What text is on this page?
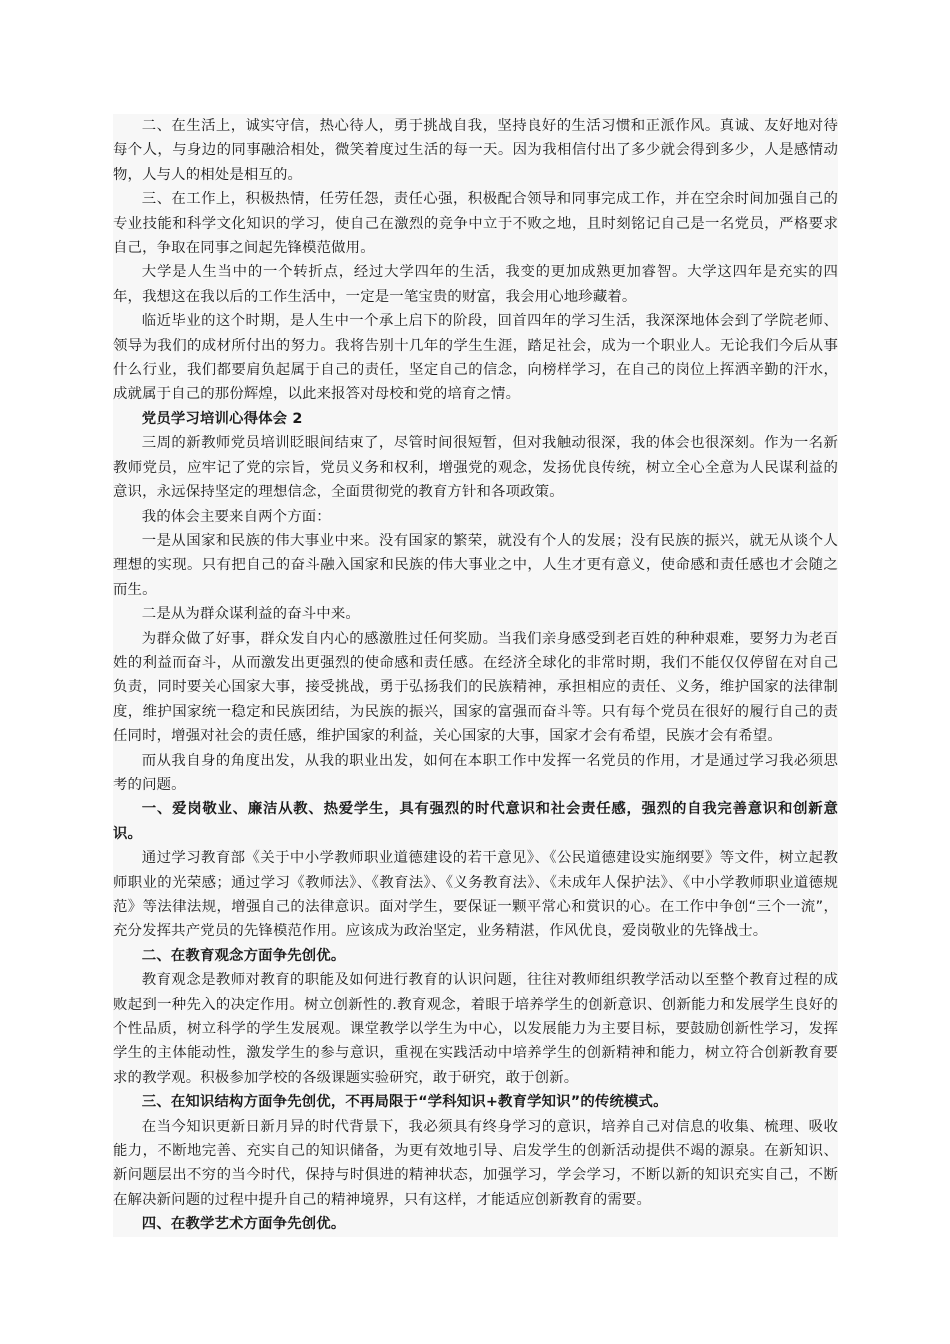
二、在生活上，诚实守信，热心待人，勇于挑战自我，坚持良好的生活习惯和正派作风。真诚、友好地对待每个人，与身边的同事融洽相处，微笑着度过生活的每一天。因为我相信付出了多少就会得到多少，人是感情动物，人与人的相处是相互的。

三、在工作上，积极热情，任劳任怨，责任心强，积极配合领导和同事完成工作，并在空余时间加强自己的专业技能和科学文化知识的学习，使自己在激烈的竞争中立于不败之地，且时刻铭记自己是一名党员，严格要求自己，争取在同事之间起先锋模范做用。

大学是人生当中的一个转折点，经过大学四年的生活，我变的更加成熟更加睿智。大学这四年是充实的四年，我想这在我以后的工作生活中，一定是一笔宝贵的财富，我会用心地珍藏着。

临近毕业的这个时期，是人生中一个承上启下的阶段，回首四年的学习生活，我深深地体会到了学院老师、领导为我们的成材所付出的努力。我将告别十几年的学生生涯，踏足社会，成为一个职业人。无论我们今后从事什么行业，我们都要肩负起属于自己的责任，坚定自己的信念，向榜样学习，在自己的岗位上挥洒辛勤的汗水，成就属于自己的那份辉煌，以此来报答对母校和党的培育之情。

党员学习培训心得体会 2

三周的新教师党员培训眨眼间结束了，尽管时间很短暂，但对我触动很深，我的体会也很深刻。作为一名新教师党员，应牢记了党的宗旨，党员义务和权利，增强党的观念，发扬优良传统，树立全心全意为人民谋利益的意识，永远保持坚定的理想信念，全面贯彻党的教育方针和各项政策。

我的体会主要来自两个方面：

一是从国家和民族的伟大事业中来。没有国家的繁荣，就没有个人的发展；没有民族的振兴，就无从谈个人理想的实现。只有把自己的奋斗融入国家和民族的伟大事业之中，人生才更有意义，使命感和责任感也才会随之而生。

二是从为群众谋利益的奋斗中来。

为群众做了好事，群众发自内心的感激胜过任何奖励。当我们亲身感受到老百姓的种种艰难，要努力为老百姓的利益而奋斗，从而激发出更强烈的使命感和责任感。在经济全球化的非常时期，我们不能仅仅停留在对自己负责，同时要关心国家大事，接受挑战，勇于弘扬我们的民族精神，承担相应的责任、义务，维护国家的法律制度，维护国家统一稳定和民族团结，为民族的振兴，国家的富强而奋斗等。只有每个党员在很好的履行自己的责任同时，增强对社会的责任感，维护国家的利益，关心国家的大事，国家才会有希望，民族才会有希望。

而从我自身的角度出发，从我的职业出发，如何在本职工作中发挥一名党员的作用，才是通过学习我必须思考的问题。

一、爱岗敬业、廉洁从教、热爱学生，具有强烈的时代意识和社会责任感，强烈的自我完善意识和创新意识。

通过学习教育部《关于中小学教师职业道德建设的若干意见》、《公民道德建设实施纲要》等文件，树立起教师职业的光荣感；通过学习《教师法》、《教育法》、《义务教育法》、《未成年人保护法》、《中小学教师职业道德规范》等法律法规，增强自己的法律意识。面对学生，要保证一颗平常心和赏识的心。在工作中争创“三个一流”，充分发挥共产党员的先锋模范作用。应该成为政治坚定，业务精湛，作风优良，爱岗敬业的先锋战士。

二、在教育观念方面争先创优。

教育观念是教师对教育的职能及如何进行教育的认识问题，往往对教师组织教学活动以至整个教育过程的成败起到一种先入的决定作用。树立创新性的.教育观念，着眼于培养学生的创新意识、创新能力和发展学生良好的个性品质，树立科学的学生发展观。课堂教学以学生为中心，以发展能力为主要目标，要鼓励创新性学习，发挥学生的主体能动性，激发学生的参与意识，重视在实践活动中培养学生的创新精神和能力，树立符合创新教育要求的教学观。积极参加学校的各级课题实验研究，敢于研究，敢于创新。

三、在知识结构方面争先创优，不再局限于“学科知识+教育学知识”的传统模式。

在当今知识更新日新月异的时代背景下，我必须具有终身学习的意识，培养自己对信息的收集、梳理、吸收能力，不断地完善、充实自己的知识储备，为更有效地引导、启发学生的创新活动提供不竭的源泉。在新知识、新问题层出不穷的当今时代，保持与时俱进的精神状态，加强学习，学会学习，不断以新的知识充实自己，不断在解决新问题的过程中提升自己的精神境界，只有这样，才能适应创新教育的需要。

四、在教学艺术方面争先创优。
